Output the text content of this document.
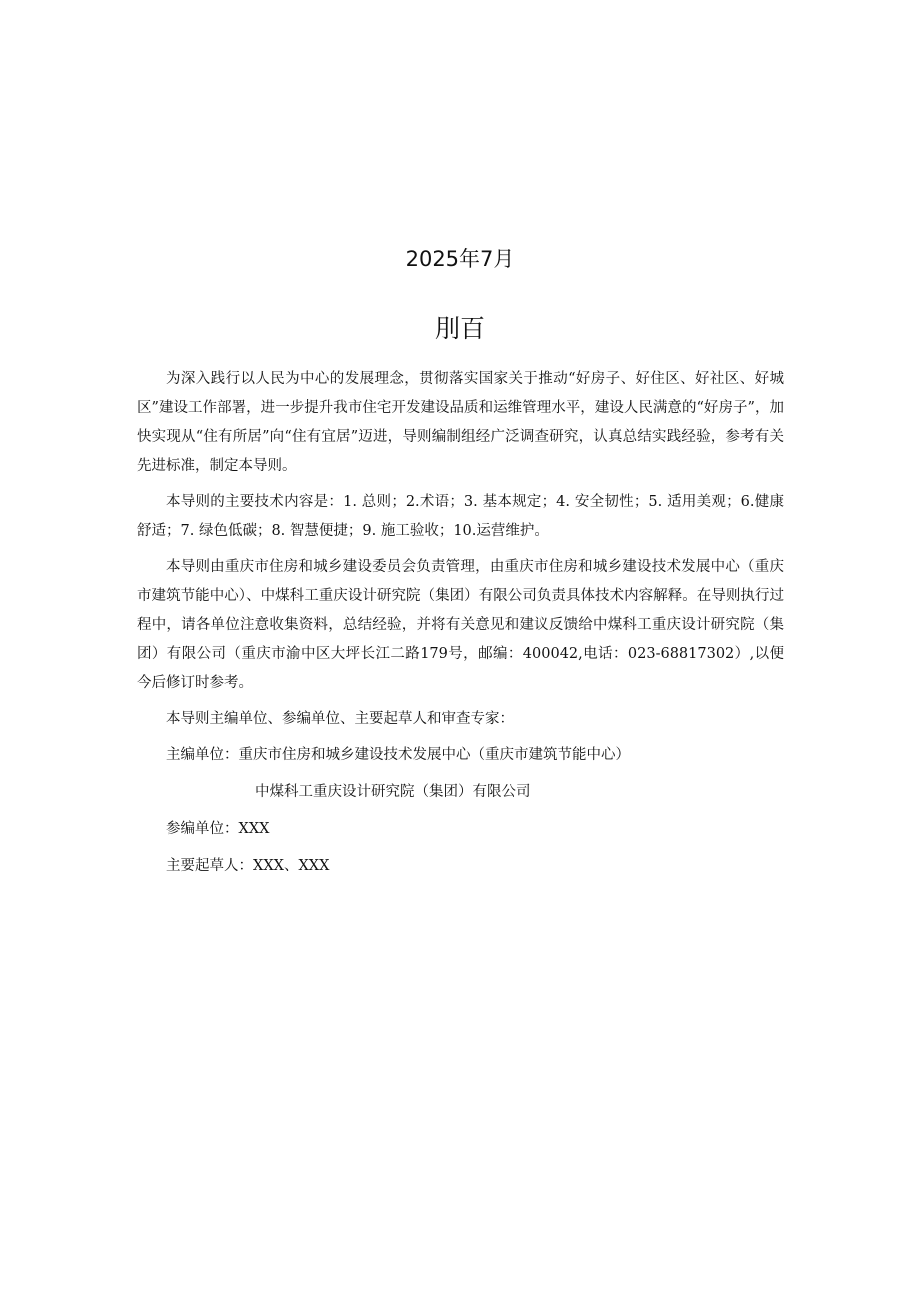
2025年7月
刖百

为深入践行以人民为中心的发展理念，贯彻落实国家关于推动“好房子、好住区、好社区、好城区”建设工作部署，进一步提升我市住宅开发建设品质和运维管理水平，建设人民满意的“好房子”，加快实现从“住有所居”向“住有宜居”迈进，导则编制组经广泛调查研究，认真总结实践经验，参考有关先进标准，制定本导则。

本导则的主要技术内容是：1. 总则；2.术语；3. 基本规定；4. 安全韧性；5. 适用美观；6.健康舒适；7. 绿色低碳；8. 智慧便捷；9. 施工验收；10.运营维护。

本导则由重庆市住房和城乡建设委员会负责管理，由重庆市住房和城乡建设技术发展中心（重庆市建筑节能中心）、中煤科工重庆设计研究院（集团）有限公司负责具体技术内容解释。在导则执行过程中，请各单位注意收集资料，总结经验，并将有关意见和建议反馈给中煤科工重庆设计研究院（集团）有限公司（重庆市渝中区大坪长江二路179号，邮编：400042,电话：023-68817302）,以便今后修订时参考。

本导则主编单位、参编单位、主要起草人和审查专家：

主编单位：重庆市住房和城乡建设技术发展中心（重庆市建筑节能中心）

中煤科工重庆设计研究院（集团）有限公司

参编单位：XXX

主要起草人：XXX、XXX
